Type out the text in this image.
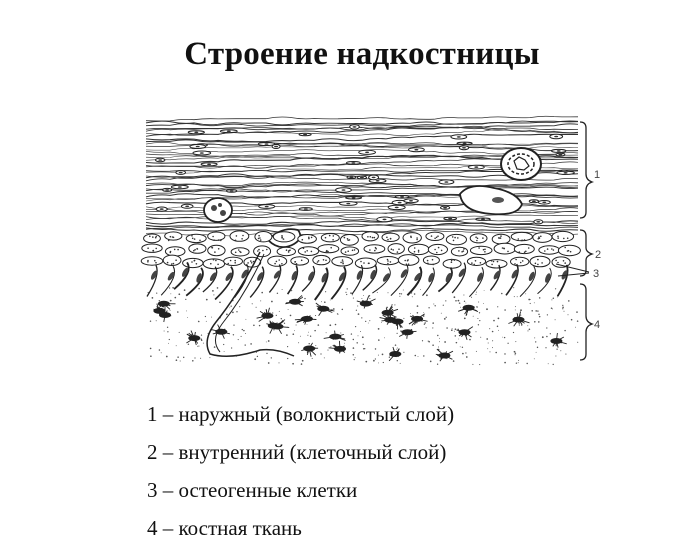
Строение надкостницы
1
2
3
4
1 – наружный (волокнистый слой)
2 – внутренний (клеточный слой)
3 – остеогенные клетки
4 – костная ткань
